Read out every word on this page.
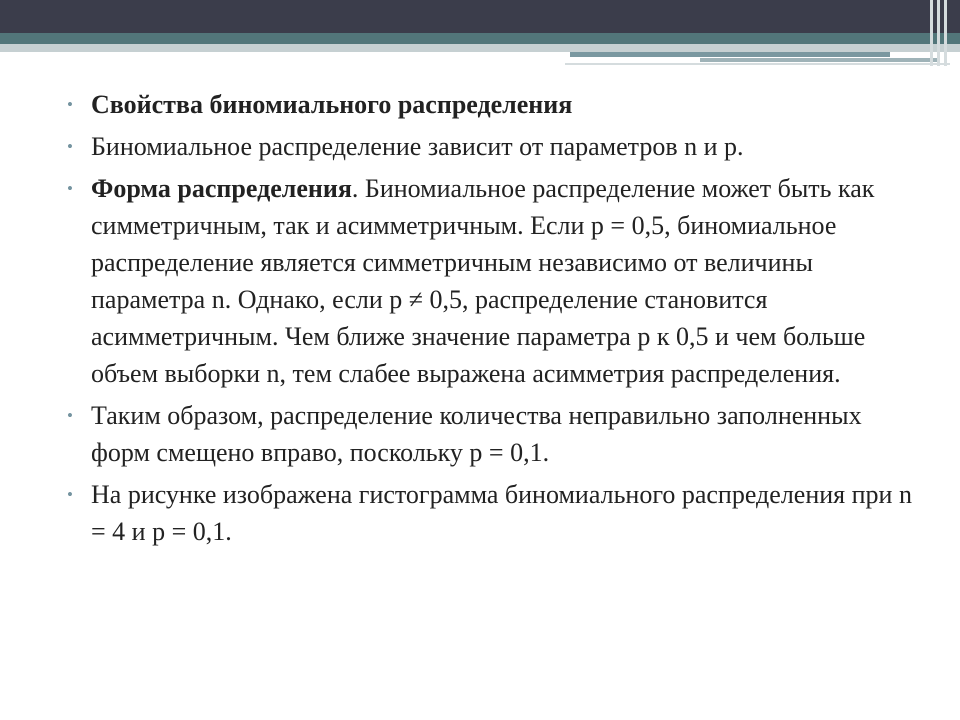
• Свойства биномиального распределения
• Биномиальное распределение зависит от параметров n и p.
• Форма распределения. Биномиальное распределение может быть как симметричным, так и асимметричным. Если p = 0,5, биномиальное распределение является симметричным независимо от величины параметра n. Однако, если p ≠ 0,5, распределение становится асимметричным. Чем ближе значение параметра p к 0,5 и чем больше объем выборки n, тем слабее выражена асимметрия распределения.
• Таким образом, распределение количества неправильно заполненных форм смещено вправо, поскольку p = 0,1.
• На рисунке изображена гистограмма биномиального распределения при n = 4 и p = 0,1.
